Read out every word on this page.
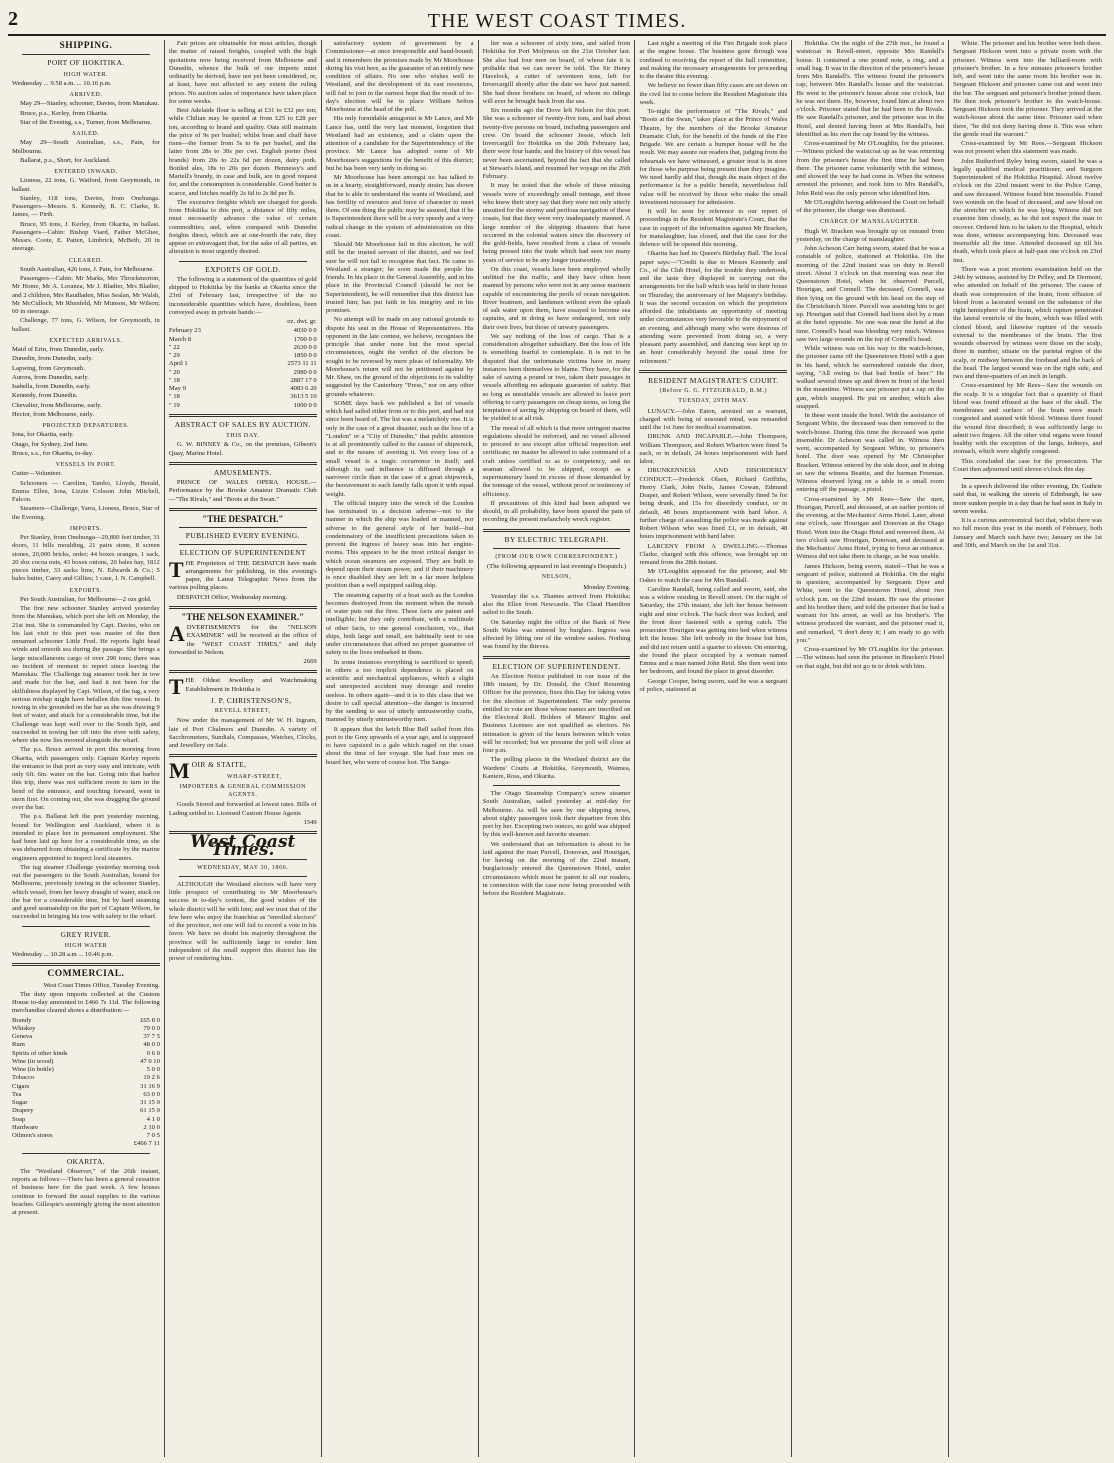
2	THE WEST COAST TIMES.
SHIPPING.
PORT OF HOKITIKA.
HIGH WATER.

Wednesday ... 9.58 a.m. ... 10.16 p.m.

ARRIVED.

May 29—Stanley, schooner, Davies, from Manukau.

Bruce, p.s., Kerley, from Okarita.

Star of the Evening, s.s., Turner, from Melbourne.

SAILED.

May 29—South Australian, s.s., Pain, for Melbourne.

Ballarat, p.s., Short, for Auckland.

ENTERED INWARD.

Lioness, 22 tons, G. Watford, from Greymouth, in ballast.

Stanley, 118 tons, Davies, from Onehunga. Passengers—Messrs. S. Kennedy, R. C. Clarke, R. James, — Pirth.

Bruce, 95 tons, J. Kerley, from Okarita, in ballast. Passengers—Cabin: Bishop Viard, Father McGhee, Messrs. Coote, E. Patten, Limbrick, McBeth, 20 in steerage.

CLEARED.

South Australian, 426 tons, J. Pain, for Melbourne.

Passengers—Cabin: Mr Marks, Mrs Throckmorton, Mr Home, Mr A. Loranza, Mr J. Bladier, Mrs Bladier, and 2 children, Mrs Raudladen, Miss Sealan, Mr Walsh, Mr McCulloch, Mr Rhenfeld, Mr Munson, Mr Wilson; 60 in steerage.

Challenge, 77 tons, G. Wilson, for Greymouth, in ballast.

EXPECTED ARRIVALS.

Maid of Erin, from Dunedin, early.

Dunedin, from Dunedin, early.

Lapwing, from Greymouth.

Aurora, from Dunedin, early.

Isabella, from Dunedin, early.

Kennedy, from Dunedin.

Chevalier, from Melbourne, early.

Hector, from Melbourne, early.

PROJECTED DEPARTURES.

Iona, for Okarita, early.

Otago, for Sydney, 2nd June.

Bruce, s.s., for Okarita, to-day.

VESSELS IN PORT.

Cutter—Volunteer.

Schooners — Caroline, Tambo, Lloyds, Herald, Emma Ellen, Iona, Lizzie Colsson John Mitchell, Falcon.

Steamers—Challenge, Yarra, Lioness, Bruce, Star of the Evening.

IMPORTS.

Per Stanley, from Onehunga—29,800 feet timber, 31 doors, 11 bills moulding, 21 pairs stone, 8 screen stones, 20,000 bricks, order; 44 boxes oranges, 1 sack, 20 doz cocoa nuts, 43 boxes onions, 20 bales hay, 1812 pieces timber, 33 sacks lime, N. Edwards & Co.; 5 bales butter, Carey and Gillies; 1 case, J. N. Campbell.

EXPORTS.

Per South Australian, for Melbourne—2 ozs gold.

The fine new schooner Stanley arrived yesterday from the Manukau, which port she left on Monday, the 21st inst. She is commanded by Capt. Davies, who on his last visit to this port was master of the then unnamed schooner Little Fred. He reports light head winds and smooth sea during the passage. She brings a large miscellaneous cargo of over 290 tons; there was no incident of moment to report since leaving the Manukau. The Challenge tug steamer took her in tow and made for the bar, and had it not been for the skilfulness displayed by Capt. Wilson, of the tug, a very serious mishap might have befallen this fine vessel. In towing in she grounded on the bar as she was drawing 9 feet of water, and stuck for a considerable time, but the Challenge was kept well over to the South Spit, and succeeded in towing her off into the river with safety, where she now lies moored alongside the wharf.

The p.s. Bruce arrived in port this morning from Okarita, with passengers only. Captain Kerley reports the entrance to that port as very easy and intricate, with only 6ft. 6in. water on the bar. Going into that harbor this trip, there was not sufficient room to turn in the bend of the entrance, and touching forward, went in stern first. On coming out, she was dragging the ground over the bar.

The p.s. Ballarat left the port yesterday morning, bound for Wellington and Auckland, where it is intended to place her in permanent employment. She had been laid up here for a considerable time, as she was debarred from obtaining a certificate by the marine engineers appointed to inspect local steamers.

The tug steamer Challenge yesterday morning took out the passengers to the South Australian, bound for Melbourne, previously towing in the schooner Stanley, which vessel, from her heavy draught of water, stuck on the bar for a considerable time, but by hard steaming and good seamanship on the part of Captain Wilson, he succeeded in bringing his tow with safety to the wharf.

GREY RIVER.
HIGH WATER

Wednesday ... 10.28 a.m ... 10.46 p.m.

COMMERCIAL.

West Coast Times Office, Tuesday Evening.

The duty upon imports collected at the Custom House to-day amounted to £466 7s 11d. The following merchandise cleared shows a distribution:—

Brandy	£65 8 0
Whiskey	79 0 0
Geneva	37 7 5
Rum	48 0 0
Spirits of other kinds	0 6 0
Wine (in wood)	47 0 10
Wine (in bottle)	5 0 0
Tobacco	19 2 6
Cigars	31 16 9
Tea	63 0 0
Sugar	31 15 0
Drapery	61 15 0
Soap	4 1 0
Hardware	2 10 0
Oilmen's stores	7 0 5

£466 7 11

OKARITA.

The "Westland Observer," of the 26th instant, reports as follows:—There has been a general cessation of business here for the past week. A few houses continue to forward the usual supplies to the various beaches. Gillespie's seemingly giving the most attention at present.

Fair prices are obtainable for most articles, though the matter of raised freights, coupled with the high quotations now being received from Melbourne and Dunedin, whence the bulk of our imports must ordinarily be derived, have not yet been considered, or, at least, have not affected to any extent the ruling prices. No auction sales of importance have taken place for some weeks.

Best Adelaide flour is selling at £31 to £32 per ton; while Chilian may be quoted at from £25 to £28 per ton, according to brand and quality. Oats still maintain the price of 9s per bushel; whilst bran and chaff have risen—the former from 5s to 6s per bushel, and the latter from 28s to 30s per cwt. English porter (best brands) from 20s to 22s 6d per dozen, dairy pork. Bottled ales, 18s to 20s per dozen. Hennessy's and Martell's brandy, in case and bulk, are in good request for, and the consumption is considerable. Good butter is scarce, and fetches readily 2s 6d to 2s 8d per lb.

The excessive freights which are charged for goods from Hokitika to this port, a distance of fifty miles, must necessarily advance the value of certain commodities; and, when compared with Dunedin freights direct, which are at one-fourth the rate, they appear so extravagant that, for the sake of all parties, an alteration is most urgently desired.

EXPORTS OF GOLD.

The following is a statement of the quantities of gold shipped to Hokitika by the banks at Okarita since the 23rd of February last, irrespective of the no inconsiderable quantities which have, doubtless, been conveyed away in private hands:—

oz. dwt. gr.

February 23	4030 0 0
March 8	1700 0 0
" 22	2630 0 0
" 29	1850 0 0
April 1	2573 11 11
" 20	2980 0 0
" 18	2887 17 0
May 9	4083 6 20
" 18	3613 5 10
" 19	1000 0 0
ABSTRACT OF SALES BY AUCTION.
THIS DAY.

G. W. BINNEY & Co., on the premises, Gibson's Quay, Marine Hotel.

AMUSEMENTS.

PRINCE OF WALES OPERA HOUSE.—Performance by the Brooke Amateur Dramatic Club—"The Rivals," and "Boots at the Swan."

"THE DESPATCH."
PUBLISHED EVERY EVENING.
ELECTION OF SUPERINTENDENT

THE Proprietors of THE DESPATCH have made arrangements for publishing, in this evening's paper, the Latest Telegraphic News from the various polling places.

DESPATCH Office, Wednesday morning.

"THE NELSON EXAMINER."

ADVERTISEMENTS for the "NELSON EXAMINER" will be received at the office of the "WEST COAST TIMES," and duly forwarded to Nelson.

2669

THE Oldest Jewellery and Watchmaking Establishment in Hokitika is

J. P. CHRISTENSON'S,
REVELL STREET,

Now under the management of Mr W. H. Ingram, late of Port Chalmers and Dunedin. A variety of Sacchrometers, Sundials, Compasses, Watches, Clocks, and Jewellery on Sale.

MOIR & STAITE,

WHARF-STREET,
IMPORTERS & GENERAL COMMISSION AGENTS.

Goods Stored and forwarded at lowest rates. Bills of Lading settled to. Licensed Custom House Agents

1549

West Coast Times.
WEDNESDAY, MAY 30, 1866.

ALTHOUGH the Westland electors will have very little prospect of contributing to Mr Moorhouse's success in to-day's contest, the good wishes of the whole district will be with him; and we trust that of the few here who enjoy the franchise as "enrolled electors" of the province, not one will fail to record a vote in his favor. We have no doubt his majority throughout the province will be sufficiently large to render him independent of the small support this district has the power of rendering him.

satisfactory system of government by a Commissioner—at once irresponsible and hand-bound; and it remembers the promises made by Mr Moorhouse during his visit here, as the guarantee of an entirely new condition of affairs. No one who wishes well to Westland, and the development of its vast resources, will fail to join in the earnest hope that the result of to-day's election will be to place William Sefton Moorhouse at the head of the poll.

His only formidable antagonist is Mr Lance, and Mr Lance has, until the very last moment, forgotten that Westland had an existence, and a claim upon the attention of a candidate for the Superintendency of the province. Mr Lance has adopted some of Mr Moorhouse's suggestions for the benefit of this district; but he has been very tardy in doing so.

Mr Moorhouse has been amongst us: has talked to us in a hearty, straightforward, manly strain; has shown that he is able to understand the wants of Westland, and has fertility of resource and force of character to meet them. Of one thing the public may be assured, that if he is Superintendent there will be a very speedy and a very radical change in the system of administration on this coast.

Should Mr Moorhouse fail in this election, he will still be the trusted servant of the district, and we feel sure he will not fail to recognise that fact. He came to Westland a stranger; he soon made the people his friends. In his place in the General Assembly, and in his place in the Provincial Council (should he not be Superintendent), he will remember that this district has trusted him; has put faith in his integrity and in his promises.

No attempt will be made on any rational grounds to dispute his seat in the House of Representatives. His opponent in the late contest, we believe, recognises the principle that under none but the most special circumstances, ought the verdict of the electors be sought to be reversed by mere pleas of informality. Mr Moorhouse's return will not be petitioned against by Mr. Shaw, on the ground of the objections to its validity suggested by the Canterbury "Press," nor on any other grounds whatever.

SOME days back we published a list of vessels which had sailed either from or to this port, and had not since been heard of. The list was a melancholy one. It is only in the case of a great disaster, such as the loss of a "London" or a "City of Dunedin," that public attention is at all prominently called to the causes of shipwreck, and to the means of averting it. Yet every loss of a small vessel is a tragic occurrence in itself; and although its sad influence is diffused through a narrower circle than in the case of a great shipwreck, the bereavement to each family falls upon it with equal weight.

The official inquiry into the wreck of the London has terminated in a decision adverse—not to the manner in which the ship was loaded or manned, nor adverse to the general style of her build—but condemnatory of the insufficient precautions taken to prevent the ingress of heavy seas into her engine-rooms. This appears to be the most critical danger to which ocean steamers are exposed. They are built to depend upon their steam power, and if their machinery is once disabled they are left in a far more helpless position than a well equipped sailing ship.

The steaming capacity of a boat such as the London becomes destroyed from the moment when the inrush of water puts out the fires. These facts are patent and intelligible; but they only contribute, with a multitude of other facts, to one general conclusion, viz., that ships, both large and small, are habitually sent to sea under circumstances that afford no proper guarantee of safety to the lives embarked in them.

In some instances everything is sacrificed to speed; in others a too implicit dependence is placed on scientific and mechanical appliances, which a slight and unexpected accident may derange and render useless. In others again—and it is to this class that we desire to call special attention—the danger is incurred by the sending to sea of utterly untrustworthy crafts, manned by utterly untrustworthy men.

It appears that the ketch Blue Bell sailed from this port to the Grey upwards of a year ago, and is supposed to have capsized in a gale which raged on the coast about the time of her voyage. She had four men on board her, who were of course lost. The Sanga-

lier was a schooner of sixty tons, and sailed from Hokitika for Port Molyneux on the 21st October last. She also had four men on board, of whose fate it is probable that we can never be told. The Sir Henry Havelock, a cutter of seventeen tons, left for Invercargill shortly after the date we have just named. She had three brothers on board, of whom no tidings will ever be brought back from the sea.

Six months ago the Dove left Nelson for this port. She was a schooner of twenty-five tons, and had about twenty-five persons on board, including passengers and crew. On board the schooner Jessie, which left Invercargill for Hokitika on the 20th February last, there were four hands; and the history of this vessel has never been ascertained, beyond the fact that she called at Stewart's Island, and resumed her voyage on the 26th February.

It may be noted that the whole of these missing vessels were of exceedingly small tonnage, and those who knew their story say that they were not only utterly unsuited for the stormy and perilous navigation of these coasts, but that they were very inadequately manned. A large number of the shipping disasters that have occurred in the colonial waters since the discovery of the gold-fields, have resulted from a class of vessels being pressed into the trade which had seen too many years of service to be any longer trustworthy.

On this coast, vessels have been employed wholly unfitted for the traffic, and they have often been manned by persons who were not in any sense mariners capable of encountering the perils of ocean navigation. River boatmen, and landsmen without even the splash of salt water upon them, have essayed to become sea captains, and in doing so have endangered, not only their own lives, but those of unwary passengers.

We say nothing of the loss of cargo. That is a consideration altogether subsidiary. But the loss of life is something fearful to contemplate. It is not to be disputed that the unfortunate victims have in many instances been themselves to blame. They have, for the sake of saving a pound or two, taken their passages in vessels affording no adequate guarantee of safety. But so long as unsuitable vessels are allowed to leave port offering to carry passengers on cheap terms, so long the temptation of saving by shipping on board of them, will be yielded to at all risk.

The moral of all which is that more stringent marine regulations should be enforced, and no vessel allowed to proceed to sea except after official inspection and certificate; no master be allowed to take command of a craft unless certified to as to competency, and no seaman allowed to be shipped, except as a supernumerary hand in excess of those demanded by the tonnage of the vessel, without proof or testimony of efficiency.

If precautions of this kind had been adopted we should, in all probability, have been spared the pain of recording the present melancholy wreck register.

BY ELECTRIC TELEGRAPH.
(FROM OUR OWN CORRESPONDENT.)

(The following appeared in last evening's Despatch.)

NELSON,

Monday Evening.

Yesterday the s.s. Thames arrived from Hokitika; also the Ellen from Newcastle. The Claud Hamilton sailed to the South.

On Saturday night the office of the Bank of New South Wales was entered by burglars. Ingress was effected by lifting one of the window sashes. Nothing was found by the thieves.

ELECTION OF SUPERINTENDENT.

An Election Notice published in our issue of the 18th instant, by Dr. Donald, the Chief Returning Officer for the province, fixes this Day for taking votes for the election of Superintendent. The only persons entitled to vote are those whose names are inscribed on the Electoral Roll. Holders of Miners' Rights and Business Licenses are not qualified as electors. No intimation is given of the hours between which votes will be recorded; but we presume the poll will close at four p.m.

The polling places in the Westland district are the Wardens' Courts at Hokitika, Greymouth, Waimea, Kaniere, Ross, and Okarita.

The Otago Steamship Company's screw steamer South Australian, sailed yesterday at mid-day for Melbourne. As will be seen by our shipping news, about eighty passengers took their departure from this port by her. Excepting two ounces, no gold was shipped by this well-known and favorite steamer.

We understand that an information is about to be laid against the man Purcell, Donovan, and Hourigan, for having on the morning of the 22nd instant, burglariously entered the Queenstown Hotel, under circumstances which must be patent to all our readers, in connection with the case now being proceeded with before the Resident Magistrate.

Last night a meeting of the Fire Brigade took place at the engine house. The business gone through was confined to receiving the report of the ball committee, and making the necessary arrangements for proceeding to the theatre this evening.

We believe no fewer than fifty cases are set down on the civil list to come before the Resident Magistrate this week.

To-night the performance of "The Rivals," and "Boots at the Swan," takes place at the Prince of Wales Theatre, by the members of the Brooke Amateur Dramatic Club, for the benefit of the funds of the Fire Brigade. We are certain a bumper house will be the result. We may assure our readers that, judging from the rehearsals we have witnessed, a greater treat is in store for those who purpose being present than they imagine. We need hardly add that, though the main object of the performance is for a public benefit, nevertheless full value will be received by those who make the small investment necessary for admission.

It will be seen by reference to our report of proceedings in the Resident Magistrate's Court, that the case in support of the information against Mr Bracken, for manslaughter, has closed, and that the case for the defence will be opened this morning.

Okarita has had its Queen's Birthday Ball. The local paper says:—"Credit is due to Messrs Kennedy and Co., of the Club Hotel, for the trouble they undertook, and the taste they displayed in carrying out the arrangements for the ball which was held in their house on Thursday, the anniversary of her Majesty's birthday. It was the second occasion on which the proprietors afforded the inhabitants an opportunity of meeting under circumstances very favorable to the enjoyment of an evening, and although many who were desirous of attending were prevented from doing so, a very pleasant party assembled, and dancing was kept up to an hour considerably beyond the usual time for retirement."

RESIDENT MAGISTRATE'S COURT.
(Before G. G. FITZGERALD, R.M.)
TUESDAY, 29TH MAY.

LUNACY.—John Eaton, arrested on a warrant, charged with being of unsound mind, was remanded until the 1st June for medical examination.

DRUNK AND INCAPABLE.—John Thompson, William Thompson, and Robert Wharton were fined 5s each, or in default, 24 hours imprisonment with hard labor.

DRUNKENNESS AND DISORDERLY CONDUCT.—Frederick Olsen, Richard Griffiths, Henry Clark, John Nelis, James Cowan, Edmund Draper, and Robert Wilson, were severally fined 5s for being drunk, and 15s for disorderly conduct, or in default, 48 hours imprisonment with hard labor. A further charge of assaulting the police was made against Robert Wilson who was fined £1, or in default, 48 hours imprisonment with hard labor.

LARCENY FROM A DWELLING.—Thomas Clarke, charged with this offence, was brought up on remand from the 28th instant.

Mr O'Loughlin appeared for the prisoner, and Mr Oakes to watch the case for Mrs Randall.

Caroline Randall, being called and sworn, said, she was a widow residing in Revell street. On the night of Saturday, the 27th instant, she left her house between eight and nine o'clock. The back door was locked, and the front door fastened with a spring catch. The prosecutor Hourigan was getting into bed when witness left the house. She left nobody in the house but him, and did not return until a quarter to eleven. On entering, she found the place occupied by a woman named Emma and a man named John Reid. She then went into her bedroom, and found the place in great disorder.

George Cooper, being sworn, said he was a sergeant of police, stationed at

Hokitika. On the night of the 27th inst., he found a waistcoat in Revell-street, opposite Mrs Randall's house. It contained a one pound note, a ring, and a small bag. It was in the direction of the prisoner's house from Mrs Randall's. The witness found the prisoner's cap, between Mrs Randall's house and the waistcoat. He went to the prisoner's house about one o'clock, but he was not there. He, however, found him at about two o'clock. Prisoner stated that he had been to the Rivals. He saw Randall's prisoner, and the prisoner was in the Hotel, and denied having been at Mrs Randall's, but identified as his own the cap found by the witness.

Cross-examined by Mr O'Loughlin, for the prisoner.—Witness picked the waistcoat up as he was returning from the prisoner's house the first time he had been there. The prisoner came voluntarily with the witness, and showed the way he had come in. When the witness arrested the prisoner, and took him to Mrs Randall's, John Reid was the only person who identified him.

Mr O'Loughlin having addressed the Court on behalf of the prisoner, the charge was dismissed.

CHARGE OF MANSLAUGHTER.

Hugh W. Bracken was brought up on remand from yesterday, on the charge of manslaughter.

John Acheson Carr being sworn, stated that he was a constable of police, stationed at Hokitika. On the morning of the 22nd instant was on duty in Revell street. About 3 o'clock on that morning was near the Queenstown Hotel, when he observed Purcell, Hourigan, and Connell. The deceased, Connell, was then lying on the ground with his head on the step of the Christchurch Store. Purcell was assisting him to get up. Hourigan said that Connell had been shot by a man at the hotel opposite. No one was near the hotel at the time. Connell's head was bleeding very much. Witness saw two large wounds on the top of Connell's head.

While witness was on his way to the watch-house, the prisoner came off the Queenstown Hotel with a gun in his hand, which he surrendered outside the door, saying, "All owing to that bad bottle of beer." He walked several times up and down in front of the hotel in the meantime. Witness saw prisoner put a cap on the gun, which snapped. He put on another, which also snapped.

In these went inside the hotel. With the assistance of Sergeant White, the deceased was then removed to the watch-house. During this time the deceased was quite insensible. Dr Acheson was called in. Witness then went, accompanied by Sergeant White, to prisoner's hotel. The door was opened by Mr Christopher Bracken. Witness entered by the side door, and in doing so saw the witness Beattie, and the barman Freeman. Witness observed lying on a table in a small room entering off the passage, a pistol.

Cross-examined by Mr Rees—Saw the men, Hourigan, Purcell, and deceased, at an earlier portion of the evening, at the Mechanics' Arms Hotel. Later, about one o'clock, saw Hourigan and Donovan at the Otago Hotel. Went into the Otago Hotel and removed them. At two o'clock saw Hourigan, Donovan, and deceased at the Mechanics' Arms Hotel, trying to force an entrance. Witness did not take them in charge, as he was unable.

James Hickson, being sworn, stated—That he was a sergeant of police, stationed at Hokitika. On the night in question, accompanied by Sergeants Dyer and White, went to the Queenstown Hotel, about two o'clock p.m. on the 22nd instant. He saw the prisoner and his brother there, and told the prisoner that he had a warrant for his arrest, as well as his brother's. The witness produced the warrant, and the prisoner read it, and remarked, "I don't deny it; I am ready to go with you."

Cross-examined by Mr O'Loughlin for the prisoner.—The witness had seen the prisoner in Bracken's Hotel on that night, but did not go in to drink with him.

White. The prisoner and his brother were both there. Sergeant Hickson went into a private room with the prisoner. Witness went into the billiard-room with prisoner's brother. In a few minutes prisoner's brother left, and went into the same room his brother was in. Sergeant Hickson and prisoner came out and went into the bar. The sergeant and prisoner's brother joined them. He then took prisoner's brother to the watch-house. Sergeant Hickson took the prisoner. They arrived at the watch-house about the same time. Prisoner said when there, "he did not deny having done it. This was when the gentle read the warrant."

Cross-examined by Mr Rees.—Sergeant Hickson was not present when this statement was made.

John Rutherford Ryley being sworn, stated he was a legally qualified medical practitioner, and Surgeon Superintendent of the Hokitika Hospital. About twelve o'clock on the 22nd instant went to the Police Camp, and saw deceased. Witness found him insensible. Found two wounds on the head of deceased, and saw blood on the stretcher on which he was lying. Witness did not examine him closely, as he did not expect the man to recover. Ordered him to be taken to the Hospital, which was done, witness accompanying him. Deceased was insensible all the time. Attended deceased up till his death, which took place at half-past one o'clock on 23rd inst.

There was a post mortem examination held on the 24th by witness, assisted by Dr Pelley, and Dr Dermont, who attended on behalf of the prisoner. The cause of death was compression of the brain, from effusion of blood from a lacerated wound on the substance of the right hemisphere of the brain, which rupture penetrated the lateral ventricle of the brain, which was filled with clotted blood, and likewise rupture of the vessels external to the membranes of the brain. The first wounds observed by witness were those on the scalp, three in number, situate on the parietal region of the scalp, or midway between the forehead and the back of the head. The largest wound was on the right side, and two and three-quarters of an inch in length.

Cross-examined by Mr Rees—Saw the wounds on the scalp. It is a singular fact that a quantity of fluid blood was found effused at the base of the skull. The membranes and surface of the brain were much congested and stained with blood. Witness there found the wound first described; it was sufficiently large to admit two fingers. All the other vital organs were found healthy with the exception of the lungs, kidneys, and stomach, which were slightly congested.

This concluded the case for the prosecution. The Court then adjourned until eleven o'clock this day.

In a speech delivered the other evening, Dr. Guthrie said that, in walking the streets of Edinburgh, he saw more sunken people in a day than he had seen in Italy in seven weeks.

It is a curious astronomical fact that, whilst there was no full moon this year in the month of February, both January and March each have two; January on the 1st and 30th, and March on the 1st and 31st.
